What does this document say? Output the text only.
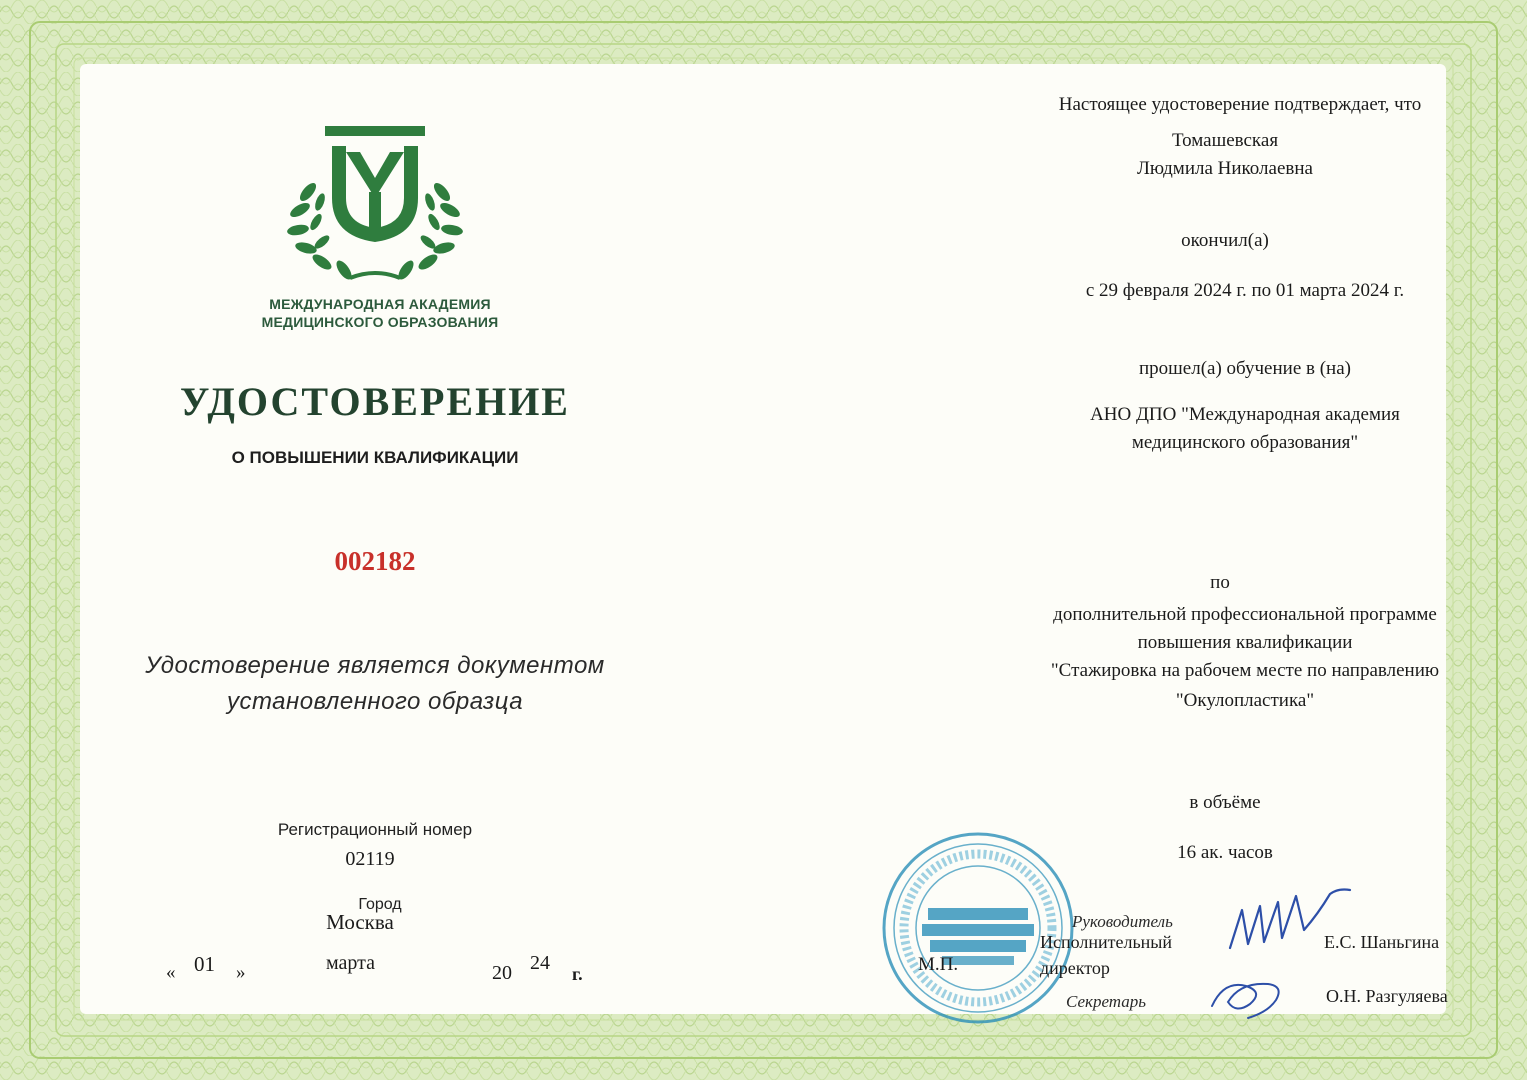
МЕЖДУНАРОДНАЯ АКАДЕМИЯ
МЕДИЦИНСКОГО ОБРАЗОВАНИЯ
УДОСТОВЕРЕНИЕ
О ПОВЫШЕНИИ КВАЛИФИКАЦИИ
002182
Удостоверение является документом
установленного образца
Регистрационный номер
02119
Город
Москва
« 01 »	марта	20 24 г.
Настоящее удостоверение подтверждает, что
Томашевская
Людмила Николаевна
окончил(а)
с 29 февраля 2024 г. по 01 марта 2024 г.
прошел(а) обучение в (на)
АНО ДПО "Международная академия
медицинского образования"
по
дополнительной профессиональной программе
повышения квалификации
"Стажировка на рабочем месте по направлению
"Окулопластика"
в объёме
16 ак. часов
М.П.
Руководитель
Исполнительный
директор
Секретарь
Е.С. Шаньгина
О.Н. Разгуляева
